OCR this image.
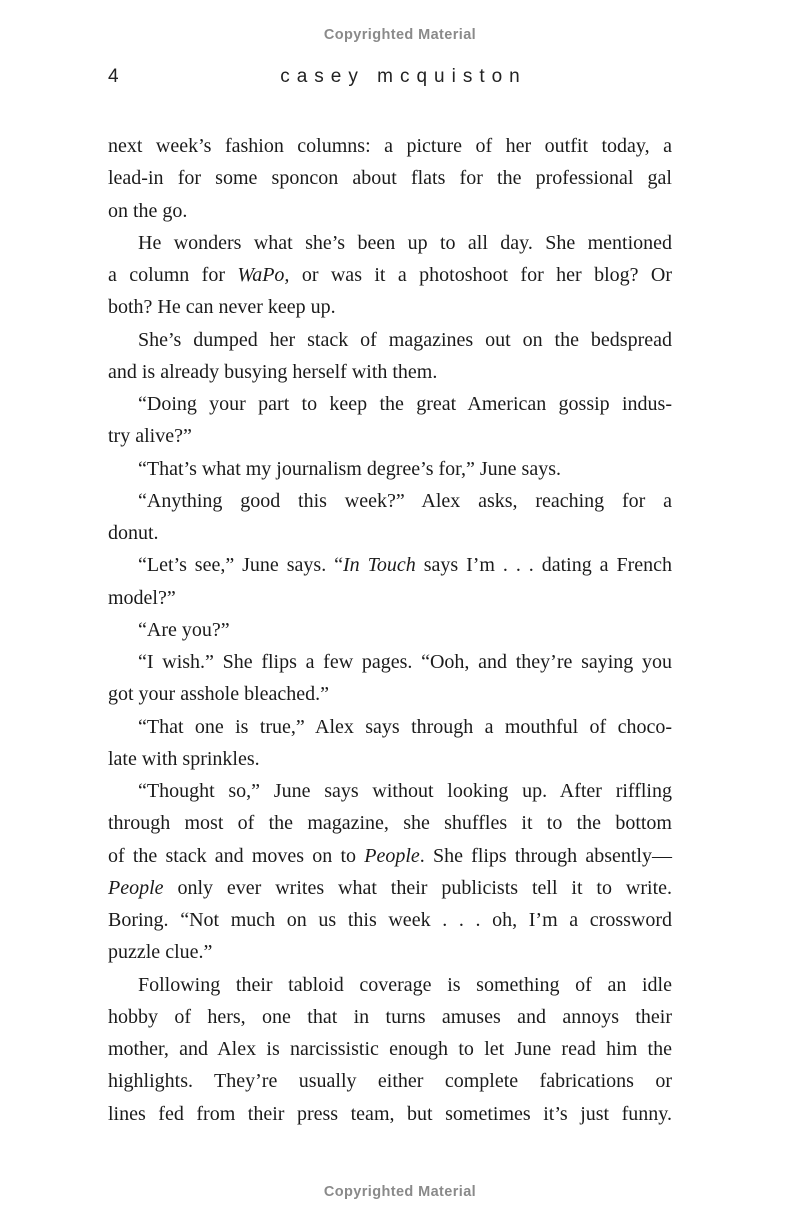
Copyrighted Material
4	casey mcquiston
next week’s fashion columns: a picture of her outfit today, a
lead-in for some sponcon about flats for the professional gal
on the go.
He wonders what she’s been up to all day. She mentioned
a column for WaPo, or was it a photoshoot for her blog? Or
both? He can never keep up.
She’s dumped her stack of magazines out on the bedspread
and is already busying herself with them.
“Doing your part to keep the great American gossip indus-
try alive?”
“That’s what my journalism degree’s for,” June says.
“Anything good this week?” Alex asks, reaching for a
donut.
“Let’s see,” June says. “In Touch says I’m . . . dating a French
model?”
“Are you?”
“I wish.” She flips a few pages. “Ooh, and they’re saying you
got your asshole bleached.”
“That one is true,” Alex says through a mouthful of choco-
late with sprinkles.
“Thought so,” June says without looking up. After riffling
through most of the magazine, she shuffles it to the bottom
of the stack and moves on to People. She flips through absently—
People only ever writes what their publicists tell it to write.
Boring. “Not much on us this week . . . oh, I’m a crossword
puzzle clue.”
Following their tabloid coverage is something of an idle
hobby of hers, one that in turns amuses and annoys their
mother, and Alex is narcissistic enough to let June read him the
highlights. They’re usually either complete fabrications or
lines fed from their press team, but sometimes it’s just funny.
Copyrighted Material
